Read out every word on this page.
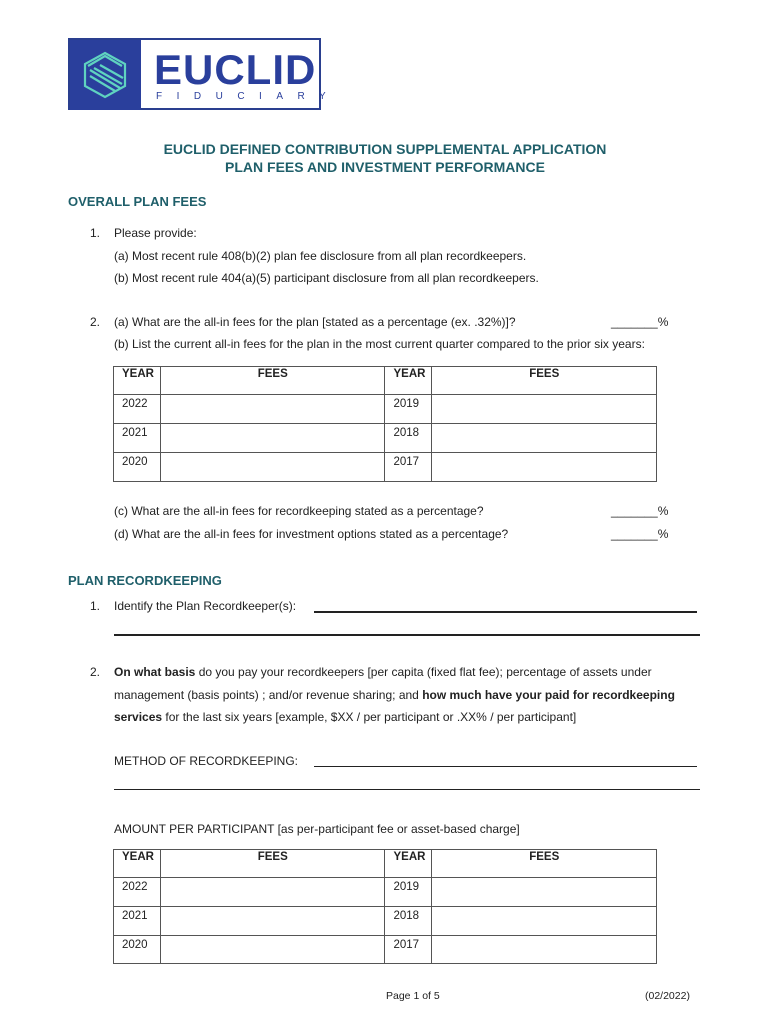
EUCLID
FIDUCIARY
EUCLID DEFINED CONTRIBUTION SUPPLEMENTAL APPLICATION
PLAN FEES AND INVESTMENT PERFORMANCE
OVERALL PLAN FEES
1. Please provide:
(a) Most recent rule 408(b)(2) plan fee disclosure from all plan recordkeepers.
(b) Most recent rule 404(a)(5) participant disclosure from all plan recordkeepers.
2. (a) What are the all-in fees for the plan [stated as a percentage (ex. .32%)]?	_______%
(b) List the current all-in fees for the plan in the most current quarter compared to the prior six years:
YEAR	FEES	YEAR	FEES
2022		2019	
2021		2018	
2020		2017	
(c) What are the all-in fees for recordkeeping stated as a percentage?	_______%
(d) What are the all-in fees for investment options stated as a percentage?	_______%
PLAN RECORDKEEPING
1. Identify the Plan Recordkeeper(s):
2. On what basis do you pay your recordkeepers [per capita (fixed flat fee); percentage of assets under
management (basis points) ; and/or revenue sharing; and how much have your paid for recordkeeping
services for the last six years [example, $XX / per participant or .XX% / per participant]
METHOD OF RECORDKEEPING:
AMOUNT PER PARTICIPANT [as per-participant fee or asset-based charge]
YEAR	FEES	YEAR	FEES
2022		2019	
2021		2018	
2020		2017	
Page 1 of 5	(02/2022)
